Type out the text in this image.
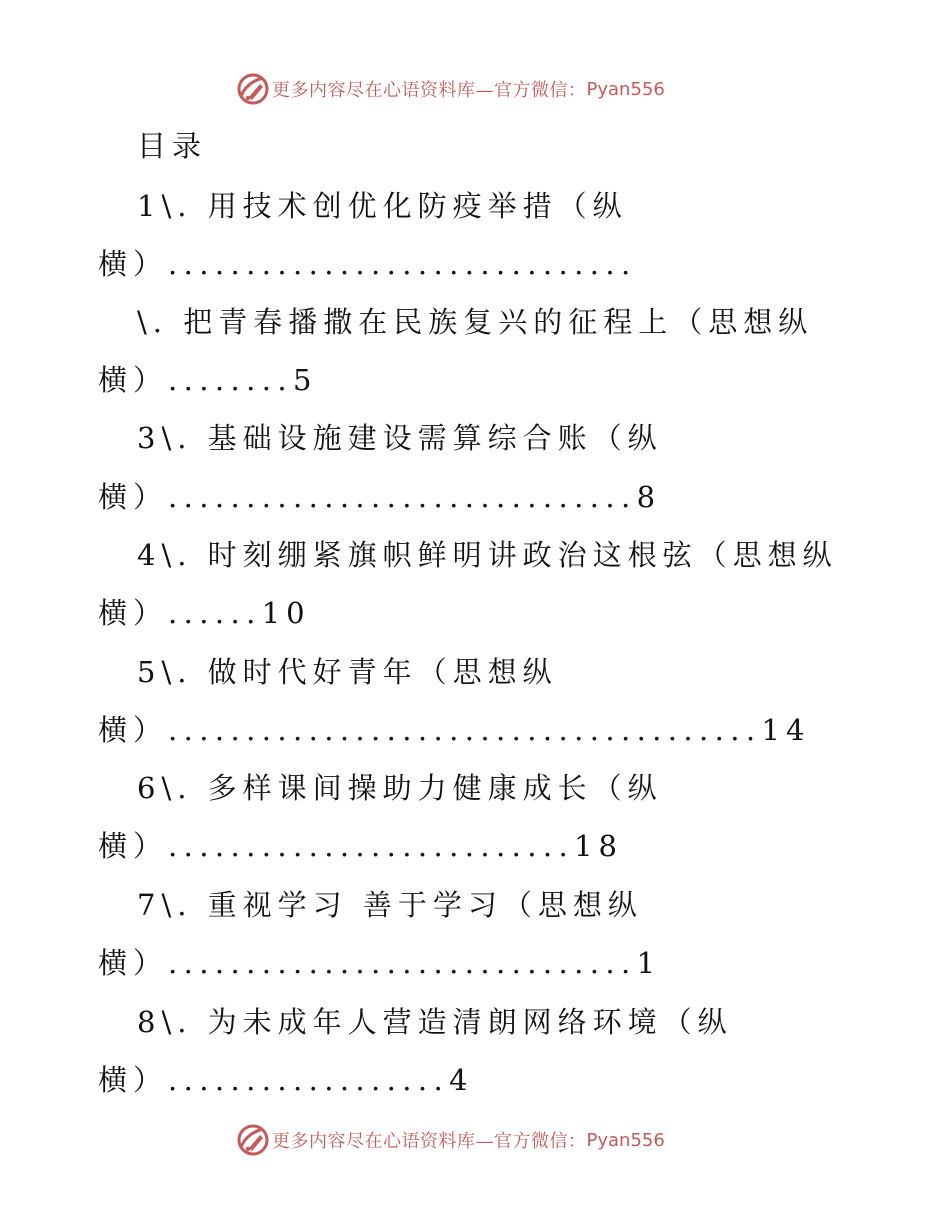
更多内容尽在心语资料库—官方微信： Pyan556
目录
1\. 用技术创优化防疫举措（纵
横）..............................
\. 把青春播撒在民族复兴的征程上（思想纵
横）........5
3\. 基础设施建设需算综合账（纵
横）..............................8
4\. 时刻绷紧旗帜鲜明讲政治这根弦（思想纵
横）......10
5\. 做时代好青年（思想纵
横）......................................14
6\. 多样课间操助力健康成长（纵
横）..........................18
7\. 重视学习 善于学习（思想纵
横）..............................1
8\. 为未成年人营造清朗网络环境（纵
横）..................4
更多内容尽在心语资料库—官方微信： Pyan556
